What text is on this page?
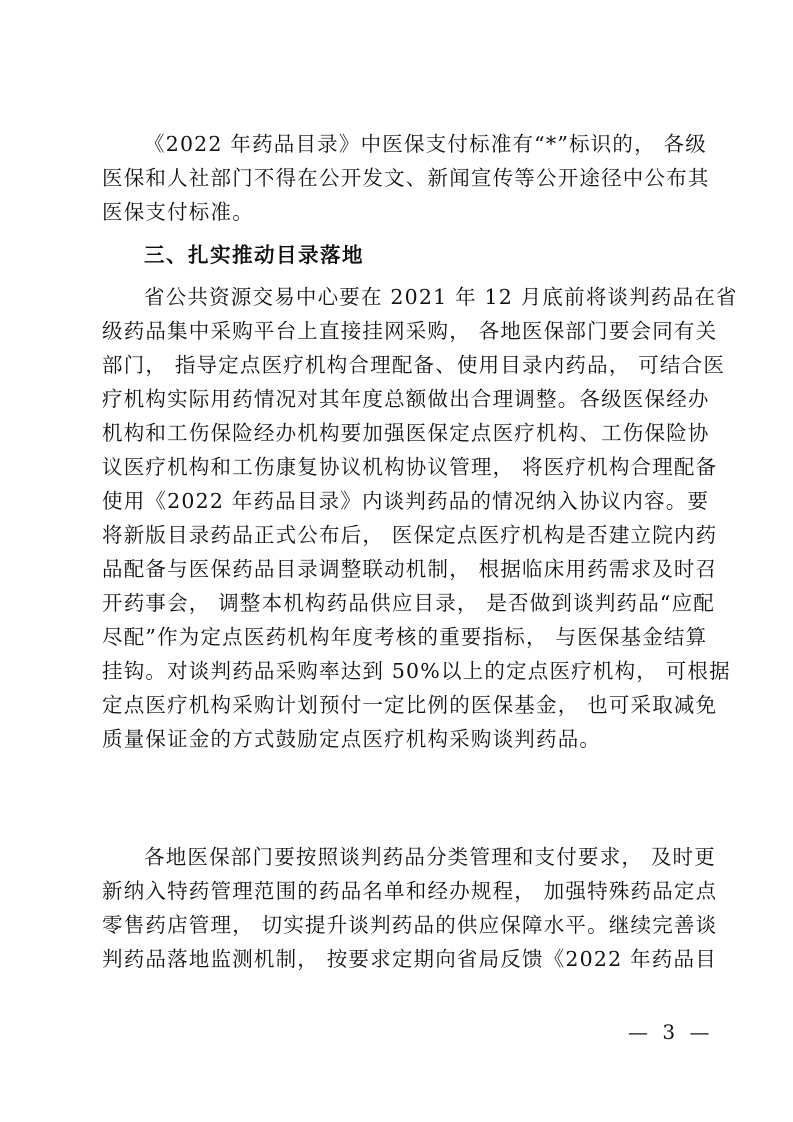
《2022 年药品目录》中医保支付标准有“*”标识的， 各级
医保和人社部门不得在公开发文、新闻宣传等公开途径中公布其
医保支付标准。
三、扎实推动目录落地
省公共资源交易中心要在 2021 年 12 月底前将谈判药品在省
级药品集中采购平台上直接挂网采购， 各地医保部门要会同有关
部门， 指导定点医疗机构合理配备、使用目录内药品， 可结合医
疗机构实际用药情况对其年度总额做出合理调整。各级医保经办
机构和工伤保险经办机构要加强医保定点医疗机构、工伤保险协
议医疗机构和工伤康复协议机构协议管理， 将医疗机构合理配备
使用《2022 年药品目录》内谈判药品的情况纳入协议内容。要
将新版目录药品正式公布后， 医保定点医疗机构是否建立院内药
品配备与医保药品目录调整联动机制， 根据临床用药需求及时召
开药事会， 调整本机构药品供应目录， 是否做到谈判药品“应配
尽配”作为定点医药机构年度考核的重要指标， 与医保基金结算
挂钩。对谈判药品采购率达到 50%以上的定点医疗机构， 可根据
定点医疗机构采购计划预付一定比例的医保基金， 也可采取减免
质量保证金的方式鼓励定点医疗机构采购谈判药品。
各地医保部门要按照谈判药品分类管理和支付要求， 及时更
新纳入特药管理范围的药品名单和经办规程， 加强特殊药品定点
零售药店管理， 切实提升谈判药品的供应保障水平。继续完善谈
判药品落地监测机制， 按要求定期向省局反馈《2022 年药品目
— 3 —
